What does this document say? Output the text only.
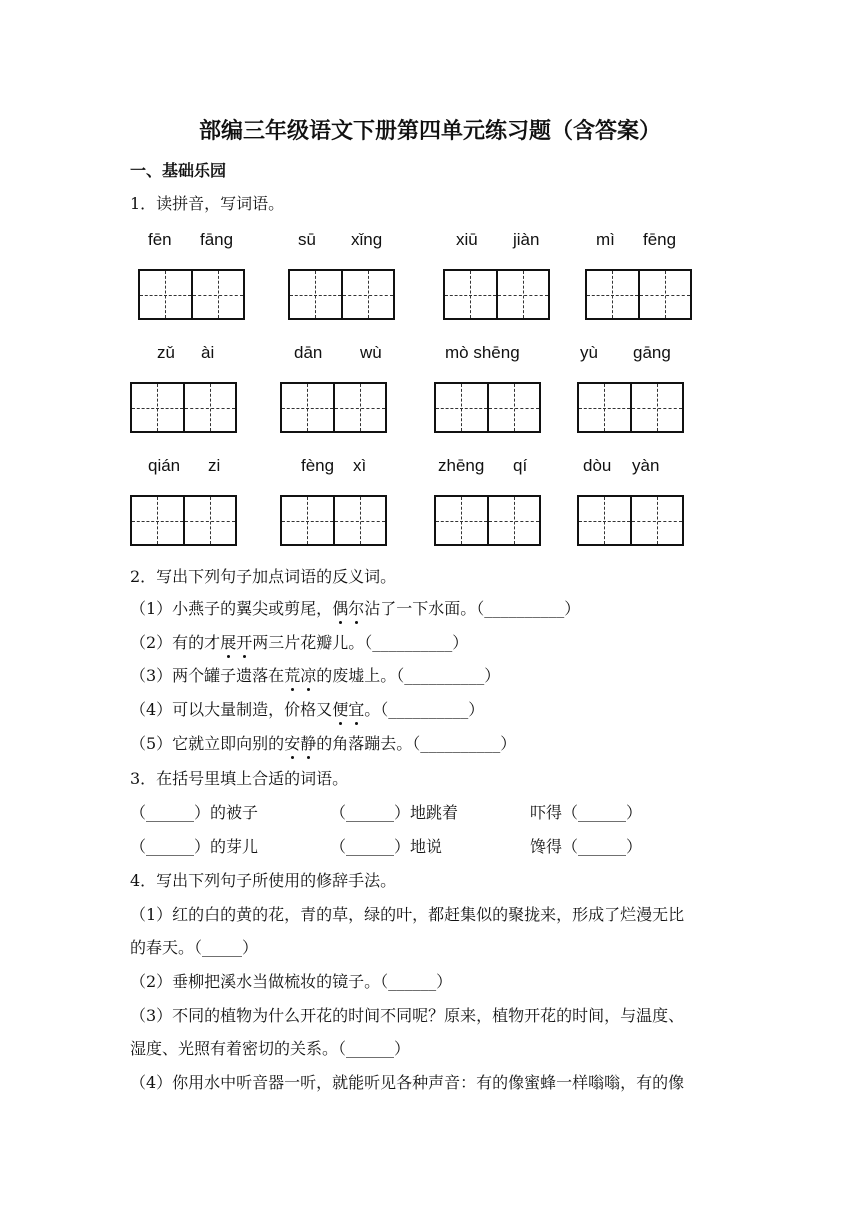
部编三年级语文下册第四单元练习题（含答案）
一、基础乐园
1．读拼音，写词语。
fēn fāng	sū xǐng	xiū jiàn	mì fēng
zǔ ài	dān wù	mò shēng	yù gāng
qián zi	fèng xì	zhēng qí	dòu yàn
2．写出下列句子加点词语的反义词。
（1）小燕子的翼尖或剪尾，偶尔沾了一下水面。（__________）
（2）有的才展开两三片花瓣儿。（__________）
（3）两个罐子遗落在荒凉的废墟上。（__________）
（4）可以大量制造，价格又便宜。（__________）
（5）它就立即向别的安静的角落蹦去。（__________）
3．在括号里填上合适的词语。
（______）的被子	（______）地跳着	吓得（______）
（______）的芽儿	（______）地说	馋得（______）
4．写出下列句子所使用的修辞手法。
（1）红的白的黄的花，青的草，绿的叶，都赶集似的聚拢来，形成了烂漫无比
的春天。（_____）
（2）垂柳把溪水当做梳妆的镜子。（______）
（3）不同的植物为什么开花的时间不同呢？原来，植物开花的时间，与温度、
湿度、光照有着密切的关系。（______）
（4）你用水中听音器一听，就能听见各种声音：有的像蜜蜂一样嗡嗡，有的像
